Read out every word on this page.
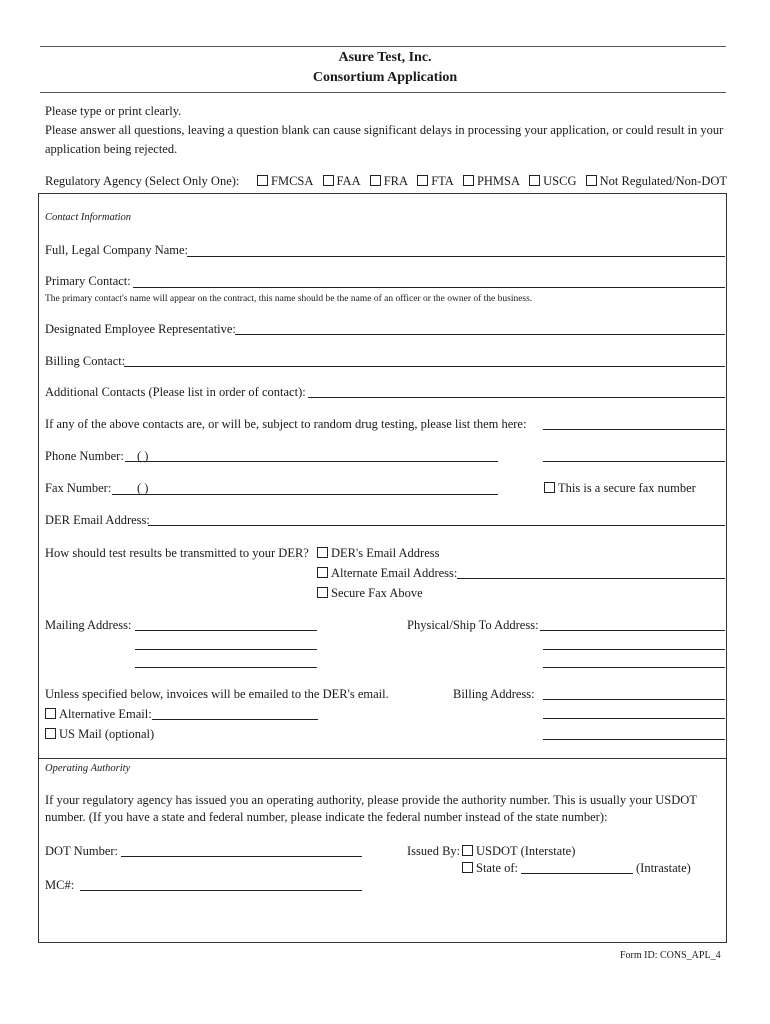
Asure Test, Inc.
Consortium Application
Please type or print clearly.
Please answer all questions, leaving a question blank can cause significant delays in processing your application, or could result in your
application being rejected.
Regulatory Agency (Select Only One):	FMCSA FAA FRA FTA PHMSA USCG Not Regulated/Non-DOT
Contact Information
Full, Legal Company Name:
Primary Contact:
The primary contact's name will appear on the contract, this name should be the name of an officer or the owner of the business.
Designated Employee Representative:
Billing Contact:
Additional Contacts (Please list in order of contact):
If any of the above contacts are, or will be, subject to random drug testing, please list them here:
Phone Number: ( )
Fax Number: ( )	This is a secure fax number
DER Email Address:
How should test results be transmitted to your DER?	DER's Email Address
Alternate Email Address:
Secure Fax Above
Mailing Address:	Physical/Ship To Address:
Unless specified below, invoices will be emailed to the DER's email.	Billing Address:
Alternative Email:
US Mail (optional)
Operating Authority
If your regulatory agency has issued you an operating authority, please provide the authority number. This is usually your USDOT
number. (If you have a state and federal number, please indicate the federal number instead of the state number):
DOT Number:
MC#:
Issued By:	USDOT (Interstate)
State of:	(Intrastate)
Form ID: CONS_APL_4
